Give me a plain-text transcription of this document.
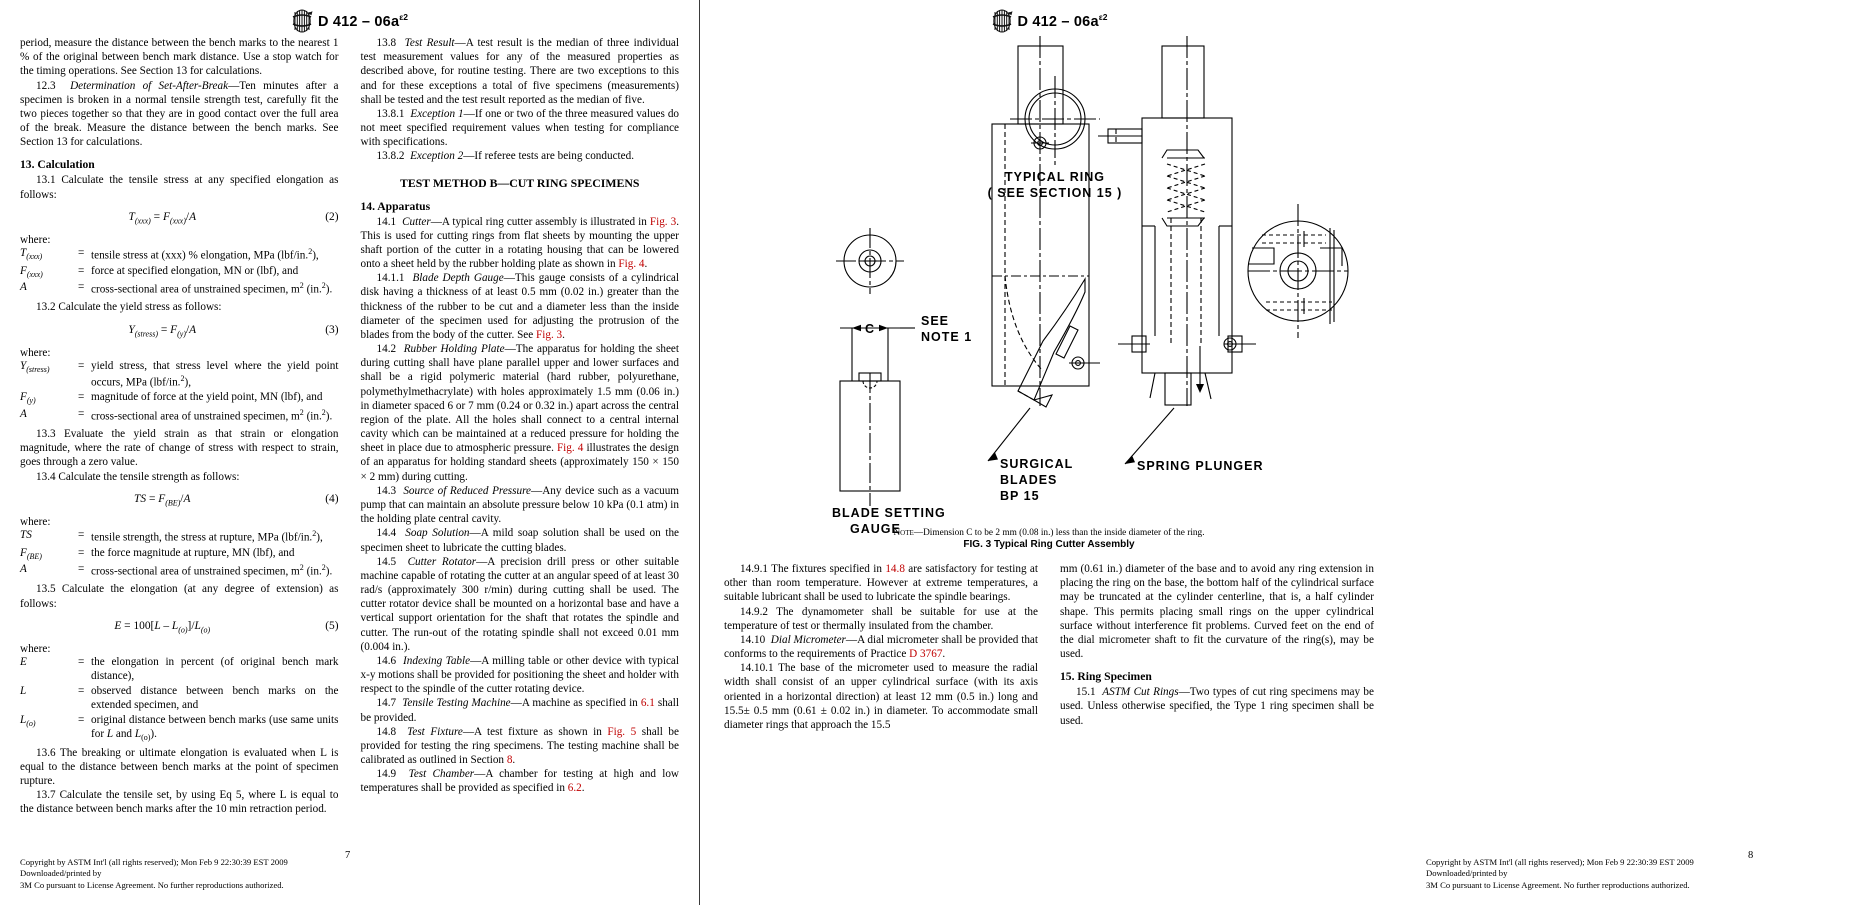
D $412 - 06a^{\varepsilon 2}$

period, measure the distance between the bench marks to the nearest 1 % of the original between bench mark distance. Use a stop watch for the timing operations. See Section 13 for calculations.

12.3 Determination of Set-After-Break—Ten minutes after a specimen is broken in a normal tensile strength test, carefully fit the two pieces together so that they are in good contact over the full area of the break. Measure the distance between the bench marks. See Section 13 for calculations.

13. Calculation

13.1 Calculate the tensile stress at any specified elongation as follows:

$T_{(xxx)} = F_{(xxx)}/A$	(2)
where:
$T_{(xxx)}$	=	tensile stress at (xxx) % elongation, MPa (lbf/in.$^2$),
$F_{(xxx)}$	=	force at specified elongation, MN or (lbf), and
A	=	cross-sectional area of unstrained specimen, $m^2$ (in.$^2$).

13.2 Calculate the yield stress as follows:

$Y_{(stress)} = F_{(y)}/A$	(3)
where:
$Y_{(stress)}$	=	yield stress, that stress level where the yield point occurs, MPa (lbf/in.$^2$),
$F_{(y)}$	=	magnitude of force at the yield point, MN (lbf), and
A	=	cross-sectional area of unstrained specimen, $m^2$ (in.$^2$).

13.3 Evaluate the yield strain as that strain or elongation magnitude, where the rate of change of stress with respect to strain, goes through a zero value.

13.4 Calculate the tensile strength as follows:

TS = $F_{(BE)}/A$	(4)
where:
TS	=	tensile strength, the stress at rupture, MPa (lbf/in.$^2$),
$F_{(BE)}$	=	the force magnitude at rupture, MN (lbf), and
A	=	cross-sectional area of unstrained specimen, $m^2$ (in.$^2$).

13.5 Calculate the elongation (at any degree of extension) as follows:

$E = 100[L - L_{(o)}]/L_{(o)}$	(5)
where:
E	=	the elongation in percent (of original bench mark distance),
L	=	observed distance between bench marks on the extended specimen, and
$L_{(o)}$	=	original distance between bench marks (use same units for L and $L_{(o)}$).

13.6 The breaking or ultimate elongation is evaluated when L is equal to the distance between bench marks at the point of specimen rupture.

13.7 Calculate the tensile set, by using Eq 5, where L is equal to the distance between bench marks after the 10 min retraction period.

13.8 Test Result—A test result is the median of three individual test measurement values for any of the measured properties as described above, for routine testing. There are two exceptions to this and for these exceptions a total of five specimens (measurements) shall be tested and the test result reported as the median of five.

13.8.1 Exception 1—If one or two of the three measured values do not meet specified requirement values when testing for compliance with specifications.

13.8.2 Exception 2—If referee tests are being conducted.

TEST METHOD B—CUT RING SPECIMENS
14. Apparatus

14.1 Cutter—A typical ring cutter assembly is illustrated in Fig. 3. This is used for cutting rings from flat sheets by mounting the upper shaft portion of the cutter in a rotating housing that can be lowered onto a sheet held by the rubber holding plate as shown in Fig. 4.

14.1.1 Blade Depth Gauge—This gauge consists of a cylindrical disk having a thickness of at least 0.5 mm (0.02 in.) greater than the thickness of the rubber to be cut and a diameter less than the inside diameter of the specimen used for adjusting the protrusion of the blades from the body of the cutter. See Fig. 3.

14.2 Rubber Holding Plate—The apparatus for holding the sheet during cutting shall have plane parallel upper and lower surfaces and shall be a rigid polymeric material (hard rubber, polyurethane, polymethylmethacrylate) with holes approximately 1.5 mm (0.06 in.) in diameter spaced 6 or 7 mm (0.24 or 0.32 in.) apart across the central region of the plate. All the holes shall connect to a central internal cavity which can be maintained at a reduced pressure for holding the sheet in place due to atmospheric pressure. Fig. 4 illustrates the design of an apparatus for holding standard sheets (approximately 150 × 150 × 2 mm) during cutting.

14.3 Source of Reduced Pressure—Any device such as a vacuum pump that can maintain an absolute pressure below 10 kPa (0.1 atm) in the holding plate central cavity.

14.4 Soap Solution—A mild soap solution shall be used on the specimen sheet to lubricate the cutting blades.

14.5 Cutter Rotator—A precision drill press or other suitable machine capable of rotating the cutter at an angular speed of at least 30 rad/s (approximately 300 r/min) during cutting shall be used. The cutter rotator device shall be mounted on a horizontal base and have a vertical support orientation for the shaft that rotates the spindle and cutter. The run-out of the rotating spindle shall not exceed 0.01 mm (0.004 in.).

14.6 Indexing Table—A milling table or other device with typical x-y motions shall be provided for positioning the sheet and holder with respect to the spindle of the cutter rotating device.

14.7 Tensile Testing Machine—A machine as specified in 6.1 shall be provided.

14.8 Test Fixture—A test fixture as shown in Fig. 5 shall be provided for testing the ring specimens. The testing machine shall be calibrated as outlined in Section 8.

14.9 Test Chamber—A chamber for testing at high and low temperatures shall be provided as specified in 6.2.

7
Copyright by ASTM Int'l (all rights reserved); Mon Feb 9 22:30:39 EST 2009
Downloaded/printed by
3M Co pursuant to License Agreement. No further reproductions authorized.
D $412 - 06a^{\varepsilon 2}$
TYPICAL RING
( SEE SECTION 15 )
C
SEE
NOTE 1
BLADE SETTING
GAUGE
SURGICAL
BLADES
BP 15
SPRING PLUNGER
Note—Dimension C to be 2 mm (0.08 in.) less than the inside diameter of the ring.
FIG. 3 Typical Ring Cutter Assembly

14.9.1 The fixtures specified in 14.8 are satisfactory for testing at other than room temperature. However at extreme temperatures, a suitable lubricant shall be used to lubricate the spindle bearings.

14.9.2 The dynamometer shall be suitable for use at the temperature of test or thermally insulated from the chamber.

14.10 Dial Micrometer—A dial micrometer shall be provided that conforms to the requirements of Practice D 3767.

14.10.1 The base of the micrometer used to measure the radial width shall consist of an upper cylindrical surface (with its axis oriented in a horizontal direction) at least 12 mm (0.5 in.) long and 15.5± 0.5 mm (0.61 ± 0.02 in.) in diameter. To accommodate small diameter rings that approach the 15.5

mm (0.61 in.) diameter of the base and to avoid any ring extension in placing the ring on the base, the bottom half of the cylindrical surface may be truncated at the cylinder centerline, that is, a half cylinder shape. This permits placing small rings on the upper cylindrical surface without interference fit problems. Curved feet on the end of the dial micrometer shaft to fit the curvature of the ring(s), may be used.

15. Ring Specimen

15.1 ASTM Cut Rings—Two types of cut ring specimens may be used. Unless otherwise specified, the Type 1 ring specimen shall be used.

8
Copyright by ASTM Int'l (all rights reserved); Mon Feb 9 22:30:39 EST 2009
Downloaded/printed by
3M Co pursuant to License Agreement. No further reproductions authorized.
